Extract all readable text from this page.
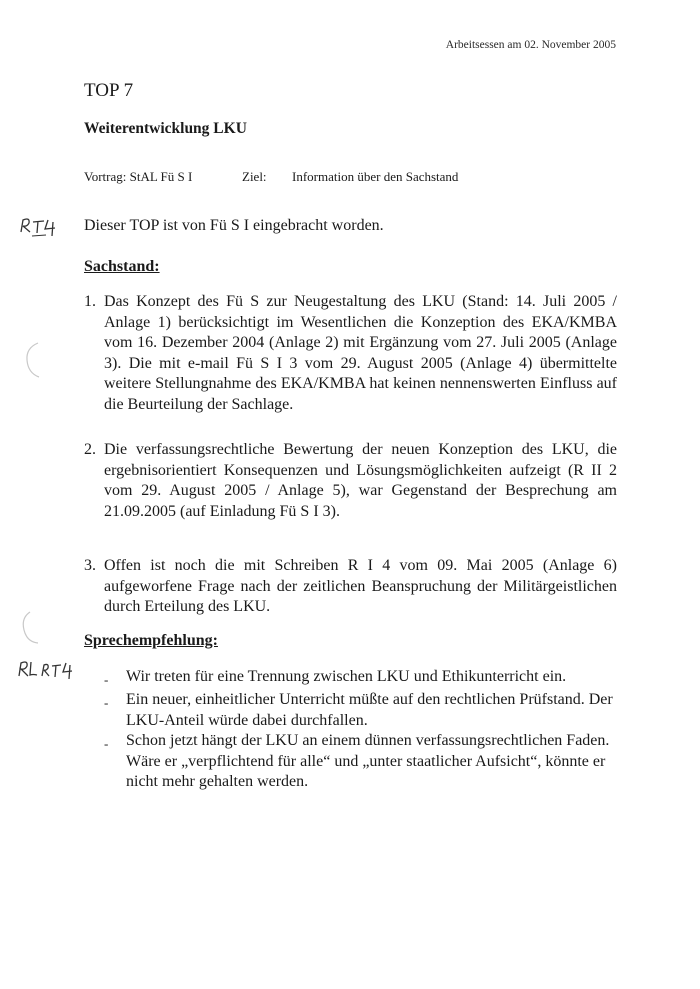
Arbeitsessen am 02. November 2005
TOP 7
Weiterentwicklung LKU
Vortrag: StAL Fü S I	Ziel: Information über den Sachstand
Dieser TOP ist von Fü S I eingebracht worden.
Sachstand:
1. Das Konzept des Fü S zur Neugestaltung des LKU (Stand: 14. Juli 2005 / Anlage 1) berücksichtigt im Wesentlichen die Konzeption des EKA/KMBA vom 16. Dezember 2004 (Anlage 2) mit Ergänzung vom 27. Juli 2005 (Anlage 3). Die mit e-mail Fü S I 3 vom 29. August 2005 (Anlage 4) übermittelte weitere Stellungnahme des EKA/KMBA hat keinen nennenswerten Einfluss auf die Beurteilung der Sachlage.
2. Die verfassungsrechtliche Bewertung der neuen Konzeption des LKU, die ergebnisorientiert Konsequenzen und Lösungsmöglichkeiten aufzeigt (R II 2 vom 29. August 2005 / Anlage 5), war Gegenstand der Besprechung am 21.09.2005 (auf Einladung Fü S I 3).
3. Offen ist noch die mit Schreiben R I 4 vom 09. Mai 2005 (Anlage 6) aufgeworfene Frage nach der zeitlichen Beanspruchung der Militärgeistlichen durch Erteilung des LKU.
Sprechempfehlung:
- Wir treten für eine Trennung zwischen LKU und Ethikunterricht ein.
- Ein neuer, einheitlicher Unterricht müßte auf den rechtlichen Prüfstand. Der LKU-Anteil würde dabei durchfallen.
- Schon jetzt hängt der LKU an einem dünnen verfassungsrechtlichen Faden. Wäre er „verpflichtend für alle“ und „unter staatlicher Aufsicht“, könnte er nicht mehr gehalten werden.
